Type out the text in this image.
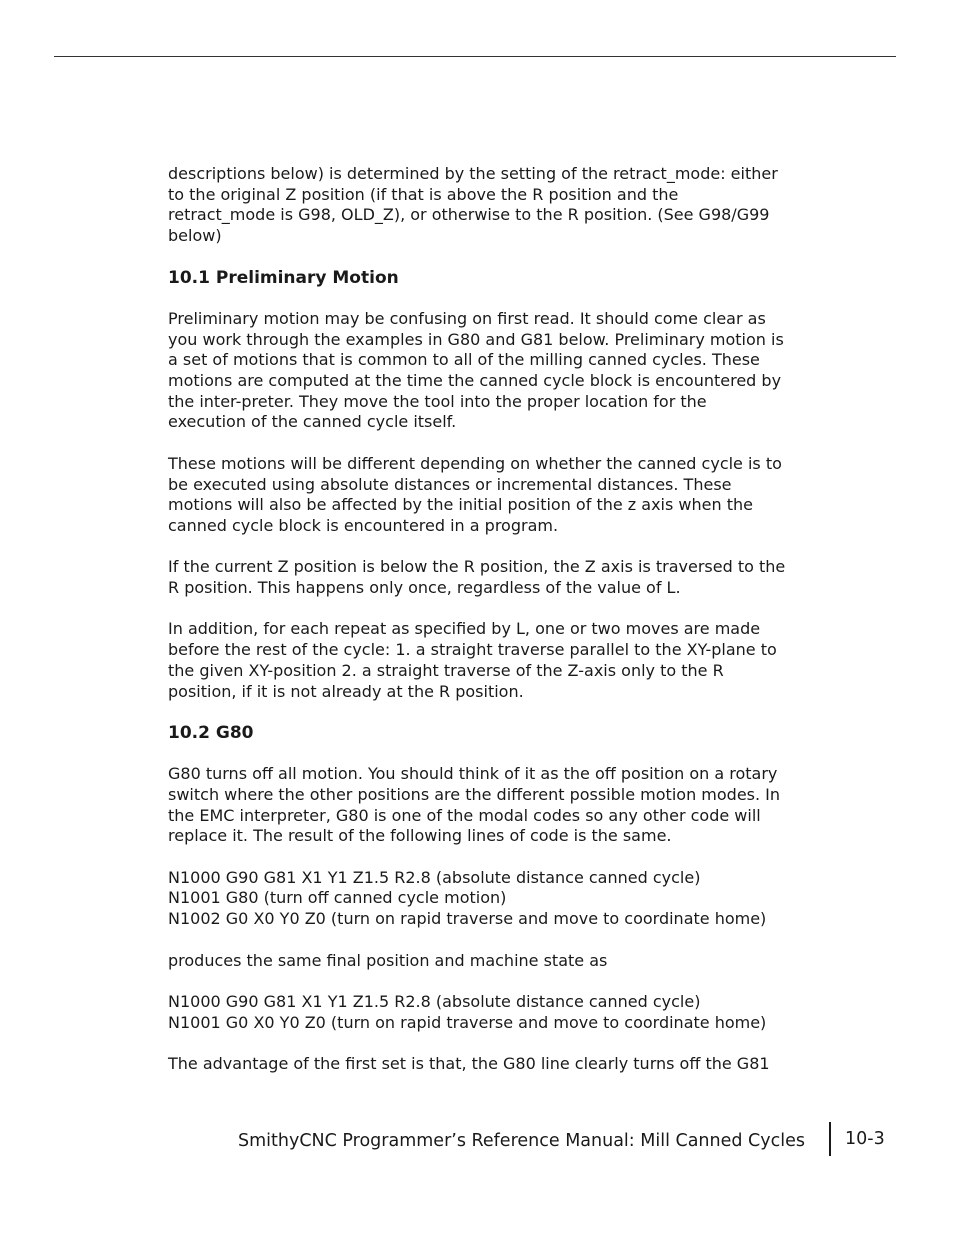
descriptions below) is determined by the setting of the retract_mode: either to the original Z position (if that is above the R position and the retract_mode is G98, OLD_Z), or otherwise to the R position. (See G98/G99 below)

10.1 Preliminary Motion

Preliminary motion may be confusing on first read. It should come clear as you work through the examples in G80 and G81 below. Preliminary motion is a set of motions that is common to all of the milling canned cycles. These motions are computed at the time the canned cycle block is encountered by the inter-preter. They move the tool into the proper location for the execution of the canned cycle itself.

These motions will be different depending on whether the canned cycle is to be executed using absolute distances or incremental distances. These motions will also be affected by the initial position of the z axis when the canned cycle block is encountered in a program.

If the current Z position is below the R position, the Z axis is traversed to the R position. This happens only once, regardless of the value of L.

In addition, for each repeat as specified by L, one or two moves are made before the rest of the cycle: 1. a straight traverse parallel to the XY-plane to the given XY-position 2. a straight traverse of the Z-axis only to the R position, if it is not already at the R position.

10.2 G80

G80 turns off all motion. You should think of it as the off position on a rotary switch where the other positions are the different possible motion modes. In the EMC interpreter, G80 is one of the modal codes so any other code will replace it. The result of the following lines of code is the same.

N1000 G90 G81 X1 Y1 Z1.5 R2.8 (absolute distance canned cycle)
N1001 G80 (turn off canned cycle motion)
N1002 G0 X0 Y0 Z0 (turn on rapid traverse and move to coordinate home)

produces the same final position and machine state as

N1000 G90 G81 X1 Y1 Z1.5 R2.8 (absolute distance canned cycle)
N1001 G0 X0 Y0 Z0 (turn on rapid traverse and move to coordinate home)

The advantage of the first set is that, the G80 line clearly turns off the G81

SmithyCNC Programmer’s Reference Manual: Mill Canned Cycles 10-3
